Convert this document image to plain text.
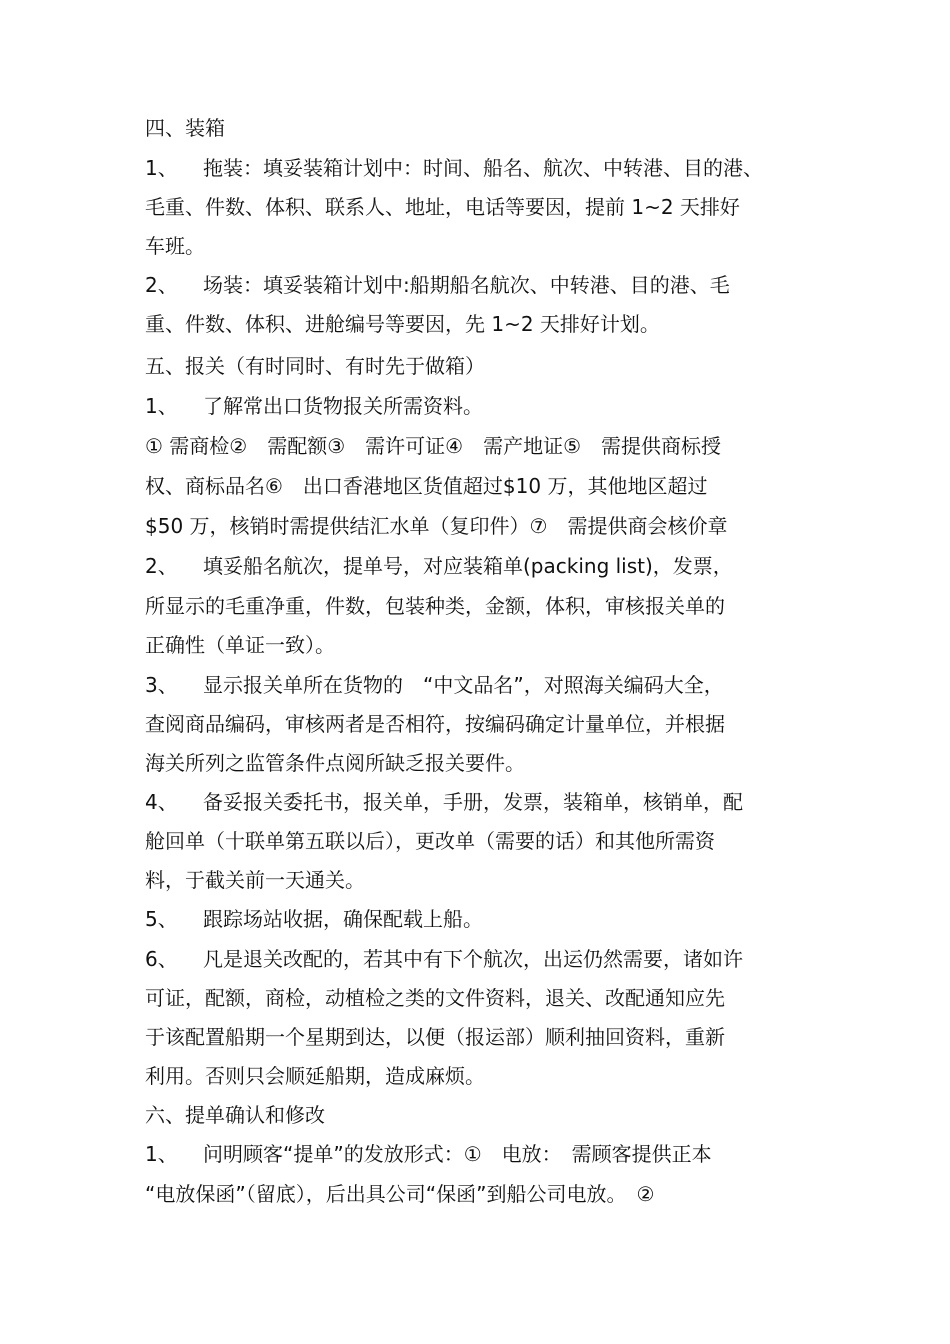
四、装箱
1、 拖装：填妥装箱计划中：时间、船名、航次、中转港、目的港、
毛重、件数、体积、联系人、地址，电话等要因，提前 1~2 天排好
车班。
2、 场装：填妥装箱计划中:船期船名航次、中转港、目的港、毛
重、件数、体积、进舱编号等要因，先 1~2 天排好计划。
五、报关（有时同时、有时先于做箱）
1、 了解常出口货物报关所需资料。
① 需商检②　需配额③　需许可证④　需产地证⑤　需提供商标授
权、商标品名⑥　出口香港地区货值超过$10 万，其他地区超过
$50 万，核销时需提供结汇水单（复印件）⑦　需提供商会核价章
2、 填妥船名航次，提单号，对应装箱单(packing list)，发票，
所显示的毛重净重，件数，包装种类，金额，体积，审核报关单的
正确性（单证一致）。
3、 显示报关单所在货物的　“中文品名”，对照海关编码大全，
查阅商品编码，审核两者是否相符，按编码确定计量单位，并根据
海关所列之监管条件点阅所缺乏报关要件。
4、 备妥报关委托书，报关单，手册，发票，装箱单，核销单，配
舱回单（十联单第五联以后），更改单（需要的话）和其他所需资
料，于截关前一天通关。
5、 跟踪场站收据，确保配载上船。
6、 凡是退关改配的，若其中有下个航次，出运仍然需要，诸如许
可证，配额，商检，动植检之类的文件资料，退关、改配通知应先
于该配置船期一个星期到达，以便（报运部）顺利抽回资料，重新
利用。否则只会顺延船期，造成麻烦。
六、提单确认和修改
1、 问明顾客“提单”的发放形式：①　电放：　需顾客提供正本
“电放保函”（留底），后出具公司“保函”到船公司电放。　②
